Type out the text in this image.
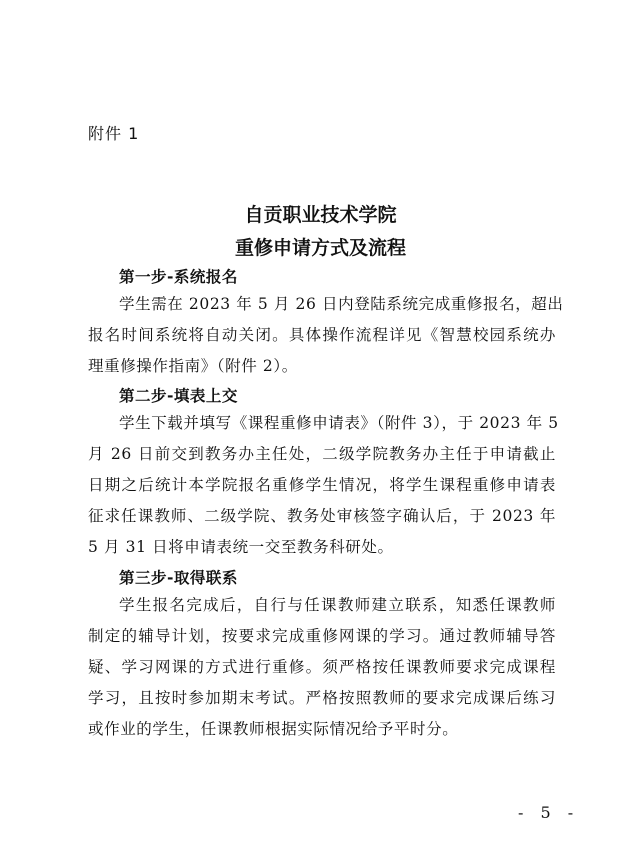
附件 1
自贡职业技术学院
重修申请方式及流程
第一步-系统报名
学生需在 2023 年 5 月 26 日内登陆系统完成重修报名，超出
报名时间系统将自动关闭。具体操作流程详见《智慧校园系统办
理重修操作指南》（附件 2）。
第二步-填表上交
学生下载并填写《课程重修申请表》（附件 3），于 2023 年 5
月 26 日前交到教务办主任处，二级学院教务办主任于申请截止
日期之后统计本学院报名重修学生情况，将学生课程重修申请表
征求任课教师、二级学院、教务处审核签字确认后，于 2023 年
5 月 31 日将申请表统一交至教务科研处。
第三步-取得联系
学生报名完成后，自行与任课教师建立联系，知悉任课教师
制定的辅导计划，按要求完成重修网课的学习。通过教师辅导答
疑、学习网课的方式进行重修。须严格按任课教师要求完成课程
学习，且按时参加期末考试。严格按照教师的要求完成课后练习
或作业的学生，任课教师根据实际情况给予平时分。
- 5 -
